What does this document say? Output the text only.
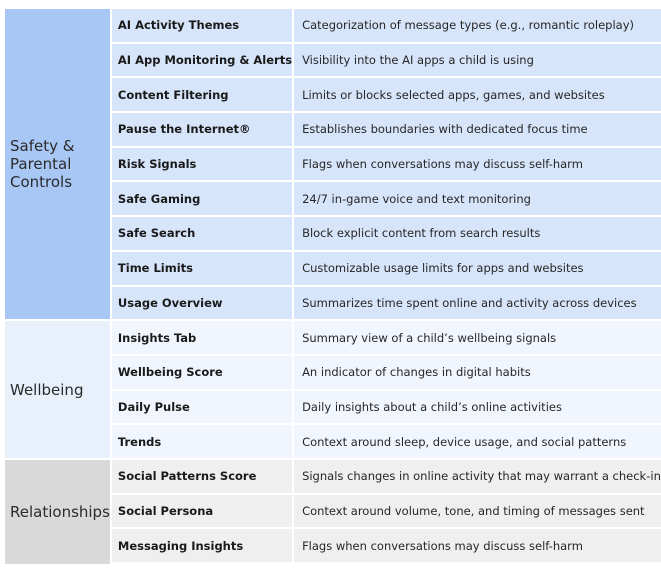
Safety &
Parental Controls	AI Activity Themes	Categorization of message types (e.g., romantic roleplay)
	AI App Monitoring & Alerts	Visibility into the AI apps a child is using
	Content Filtering	Limits or blocks selected apps, games, and websites
	Pause the Internet®	Establishes boundaries with dedicated focus time
	Risk Signals	Flags when conversations may discuss self-harm
	Safe Gaming	24/7 in-game voice and text monitoring
	Safe Search	Block explicit content from search results
	Time Limits	Customizable usage limits for apps and websites
	Usage Overview	Summarizes time spent online and activity across devices

Wellbeing	Insights Tab	Summary view of a child’s wellbeing signals
	Wellbeing Score	An indicator of changes in digital habits
	Daily Pulse	Daily insights about a child’s online activities
	Trends	Context around sleep, device usage, and social patterns

Relationships	Social Patterns Score	Signals changes in online activity that may warrant a check-in
	Social Persona	Context around volume, tone, and timing of messages sent
	Messaging Insights	Flags when conversations may discuss self-harm
